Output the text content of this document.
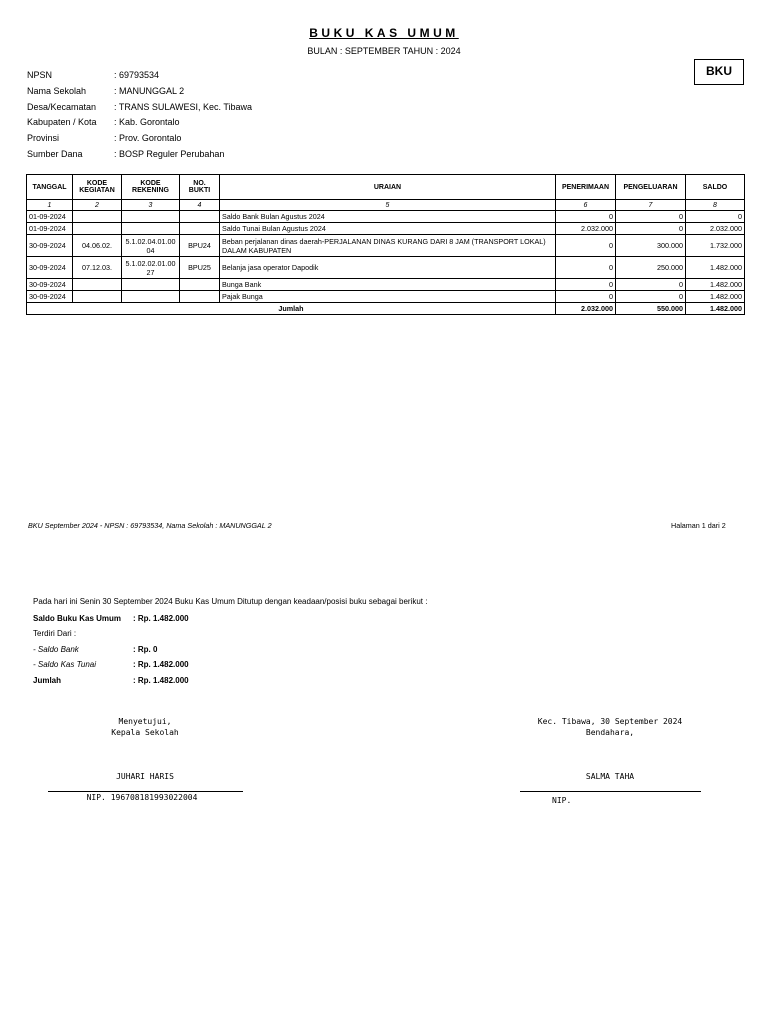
BUKU KAS UMUM
BULAN : SEPTEMBER TAHUN : 2024
BKU
NPSN	: 69793534
Nama Sekolah	: MANUNGGAL 2
Desa/Kecamatan : TRANS SULAWESI, Kec. Tibawa
Kabupaten / Kota : Kab. Gorontalo
Provinsi	: Prov. Gorontalo
Sumber Dana	: BOSP Reguler Perubahan
TANGGAL	KODE KEGIATAN	KODE REKENING	NO. BUKTI	URAIAN	PENERIMAAN	PENGELUARAN	SALDO
1	2	3	4	5	6	7	8
01-09-2024				Saldo Bank Bulan Agustus 2024	0	0	0
01-09-2024				Saldo Tunai Bulan Agustus 2024	2.032.000	0	2.032.000
30-09-2024	04.06.02.	5.1.02.04.01.0004	BPU24	Beban perjalanan dinas daerah-PERJALANAN DINAS KURANG DARI 8 JAM (TRANSPORT LOKAL) DALAM KABUPATEN	0	300.000	1.732.000
30-09-2024	07.12.03.	5.1.02.02.01.0027	BPU25	Belanja jasa operator Dapodik	0	250.000	1.482.000
30-09-2024				Bunga Bank	0	0	1.482.000
30-09-2024				Pajak Bunga	0	0	1.482.000
Jumlah					2.032.000	550.000	1.482.000
BKU September 2024 - NPSN : 69793534, Nama Sekolah : MANUNGGAL 2	Halaman 1 dari 2
Pada hari ini Senin 30 September 2024 Buku Kas Umum Ditutup dengan keadaan/posisi buku sebagai berikut :
Saldo Buku Kas Umum : Rp. 1.482.000
Terdiri Dari :
- Saldo Bank	: Rp. 0
- Saldo Kas Tunai	: Rp. 1.482.000
Jumlah	: Rp. 1.482.000
Menyetujui,
Kepala Sekolah
JUHARI HARIS
NIP. 196708181993022004
Kec. Tibawa, 30 September 2024
Bendahara,
SALMA TAHA
NIP.
